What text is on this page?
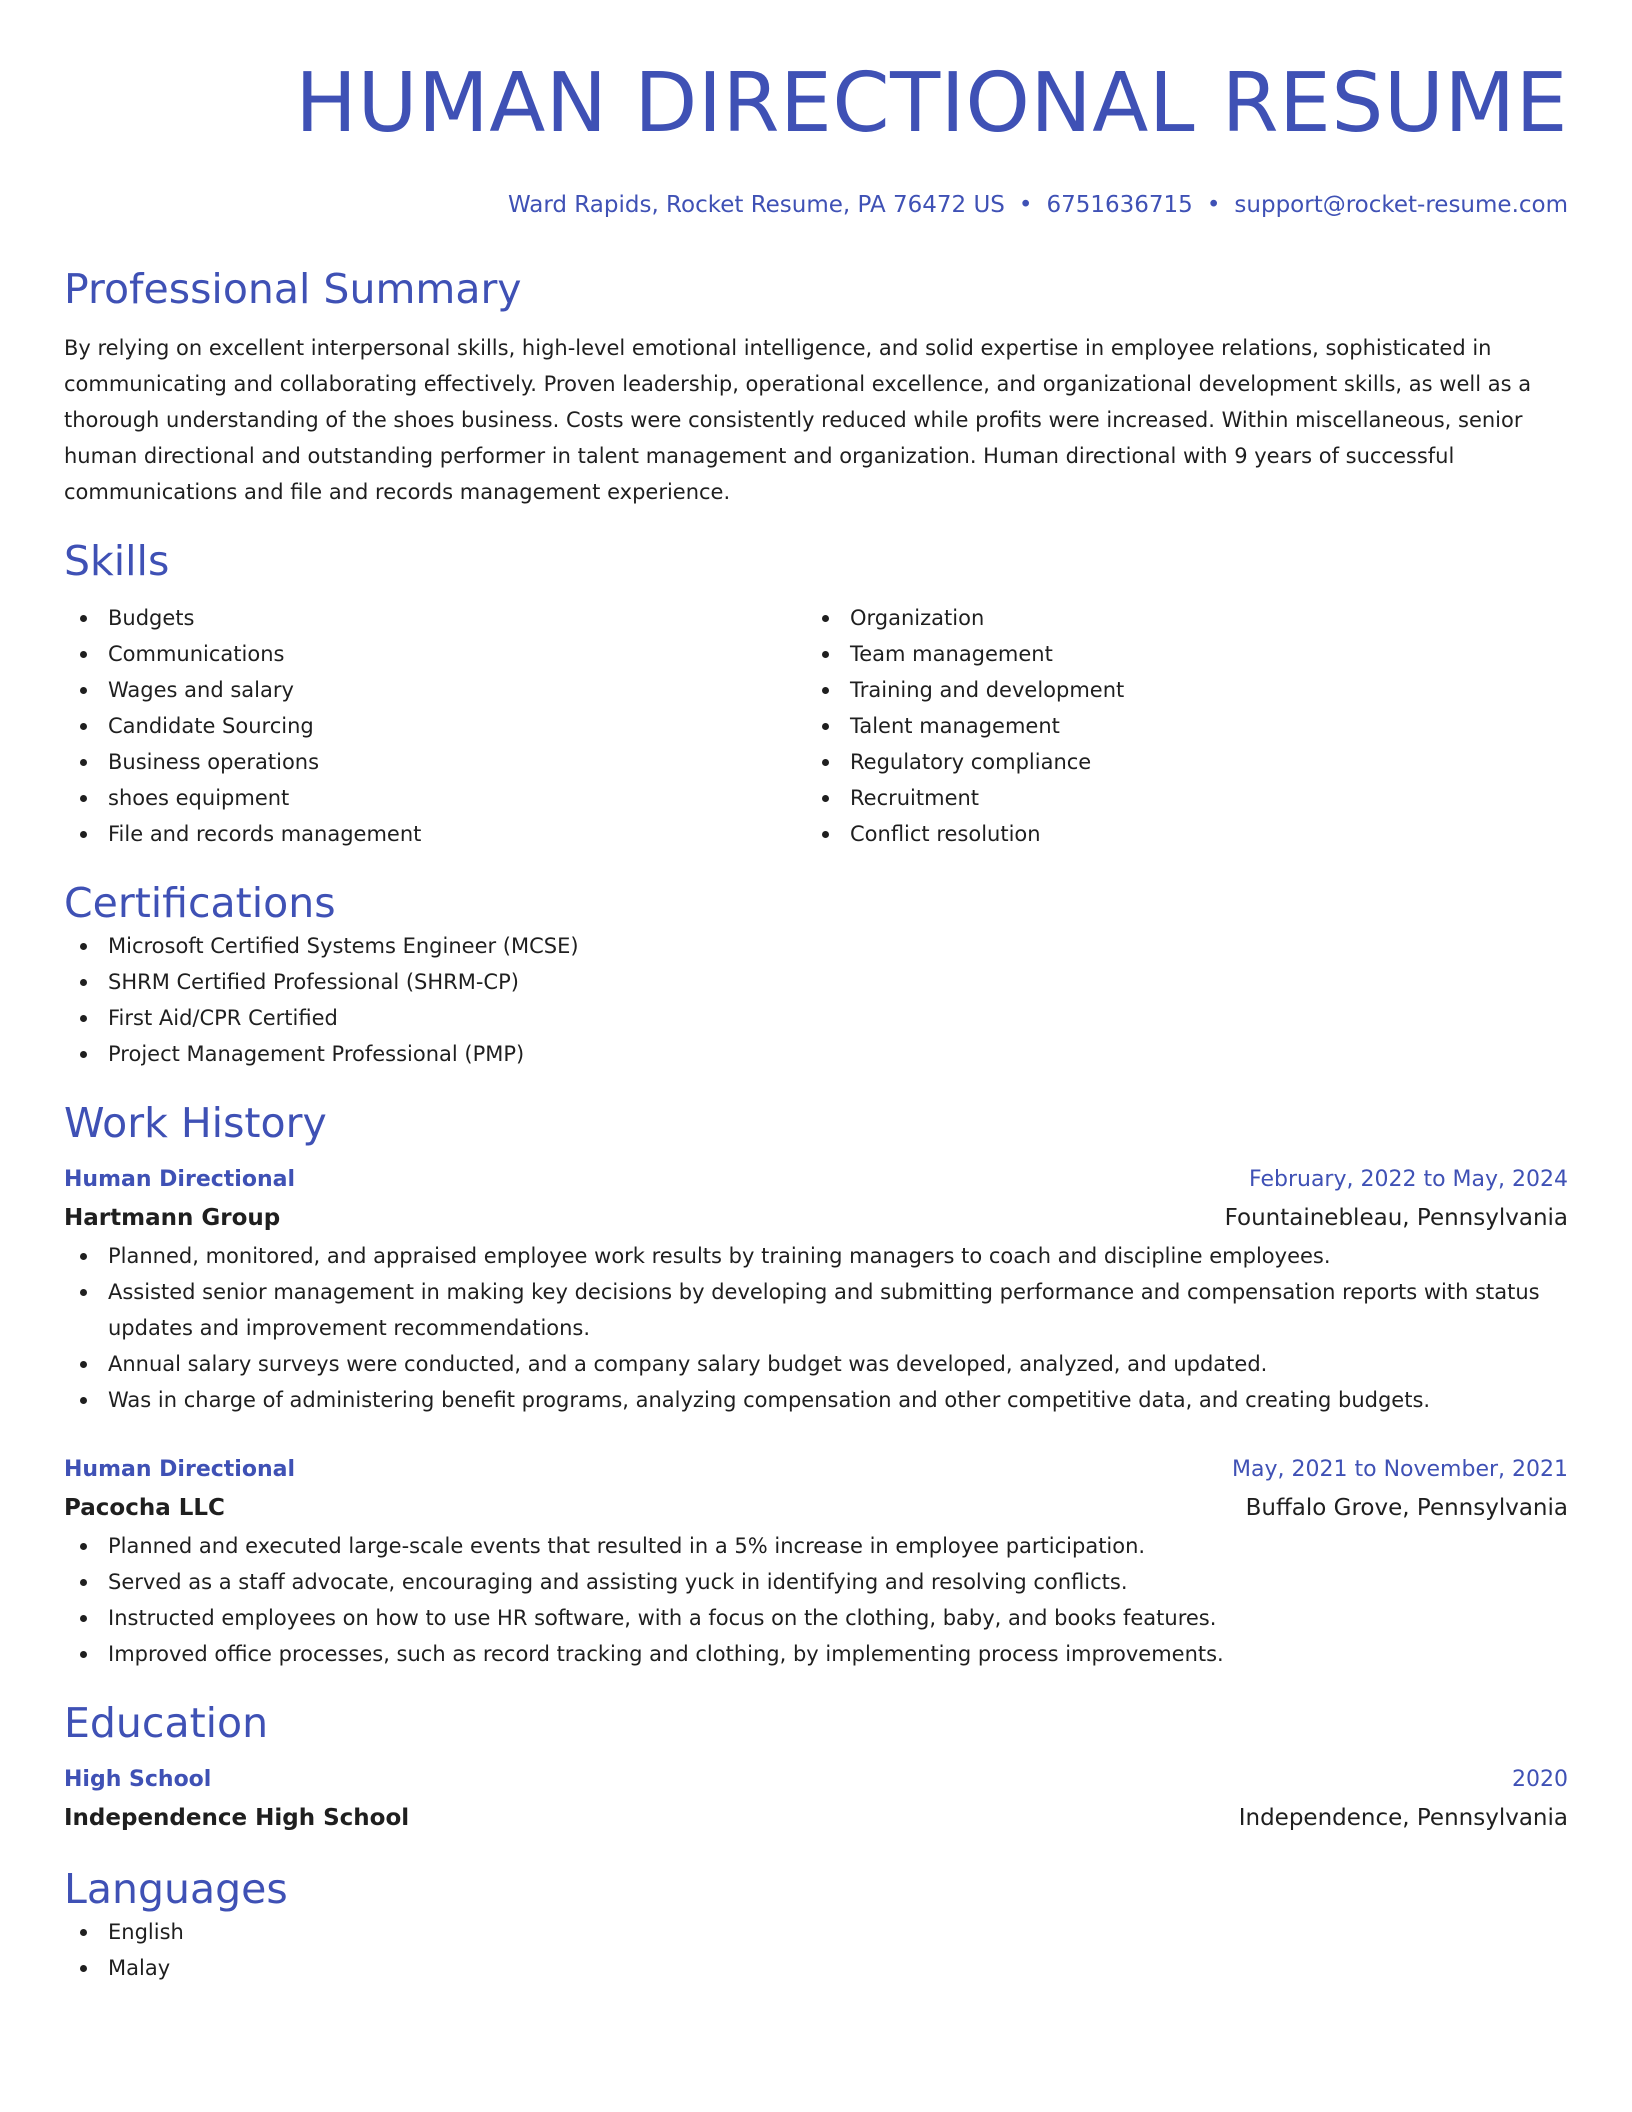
HUMAN DIRECTIONAL RESUME
Ward Rapids, Rocket Resume, PA 76472 US • 6751636715 • support@rocket-resume.com
Professional Summary

By relying on excellent interpersonal skills, high-level emotional intelligence, and solid expertise in employee relations, sophisticated in communicating and collaborating effectively. Proven leadership, operational excellence, and organizational development skills, as well as a thorough understanding of the shoes business. Costs were consistently reduced while profits were increased. Within miscellaneous, senior human directional and outstanding performer in talent management and organization. Human directional with 9 years of successful communications and file and records management experience.

Skills
Budgets
Communications
Wages and salary
Candidate Sourcing
Business operations
shoes equipment
File and records management
Organization
Team management
Training and development
Talent management
Regulatory compliance
Recruitment
Conflict resolution
Certifications
Microsoft Certified Systems Engineer (MCSE)
SHRM Certified Professional (SHRM-CP)
First Aid/CPR Certified
Project Management Professional (PMP)
Work History
Human Directional	February, 2022 to May, 2024
Hartmann Group	Fountainebleau, Pennsylvania
Planned, monitored, and appraised employee work results by training managers to coach and discipline employees.
Assisted senior management in making key decisions by developing and submitting performance and compensation reports with status updates and improvement recommendations.
Annual salary surveys were conducted, and a company salary budget was developed, analyzed, and updated.
Was in charge of administering benefit programs, analyzing compensation and other competitive data, and creating budgets.
Human Directional	May, 2021 to November, 2021
Pacocha LLC	Buffalo Grove, Pennsylvania
Planned and executed large-scale events that resulted in a 5% increase in employee participation.
Served as a staff advocate, encouraging and assisting yuck in identifying and resolving conflicts.
Instructed employees on how to use HR software, with a focus on the clothing, baby, and books features.
Improved office processes, such as record tracking and clothing, by implementing process improvements.
Education
High School	2020
Independence High School	Independence, Pennsylvania
Languages
English
Malay
